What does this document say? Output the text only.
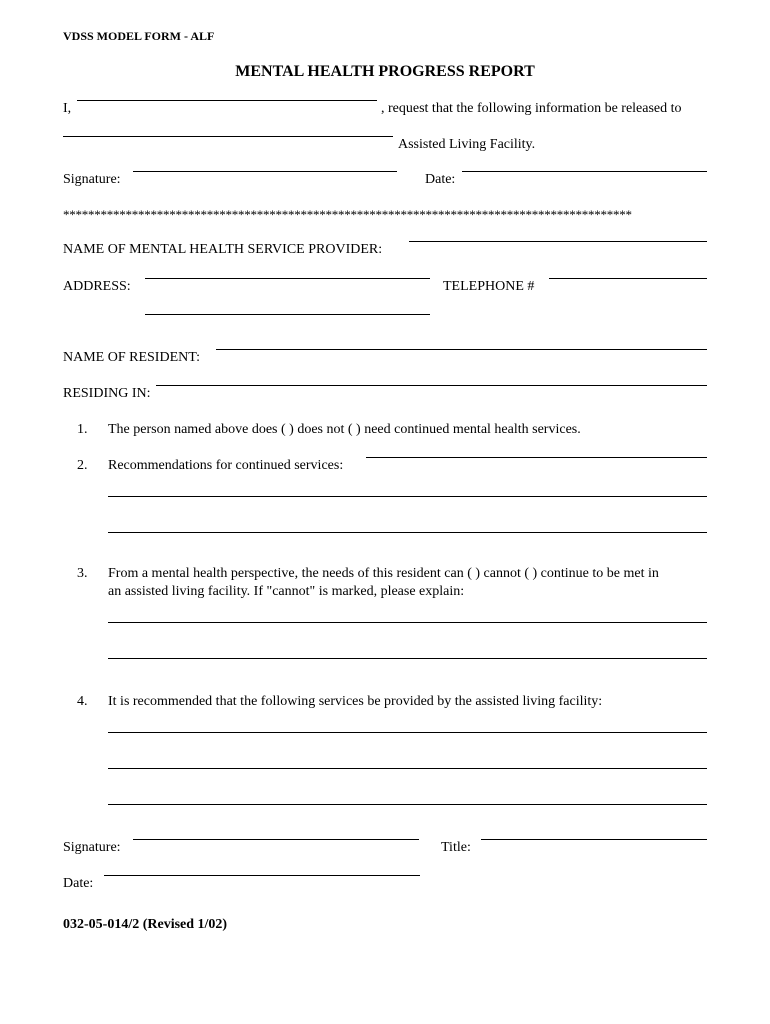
VDSS MODEL FORM - ALF
MENTAL HEALTH PROGRESS REPORT
I,	, request that the following information be released to
Assisted Living Facility.
Signature:	Date:
*******************************************************************************************
NAME OF MENTAL HEALTH SERVICE PROVIDER:
ADDRESS:	TELEPHONE #
NAME OF RESIDENT:
RESIDING IN:
1. The person named above does ( ) does not ( ) need continued mental health services.
2. Recommendations for continued services:
3. From a mental health perspective, the needs of this resident can ( ) cannot ( ) continue to be met in
an assisted living facility. If "cannot" is marked, please explain:
4. It is recommended that the following services be provided by the assisted living facility:
Signature:	Title:
Date:
032-05-014/2 (Revised 1/02)
